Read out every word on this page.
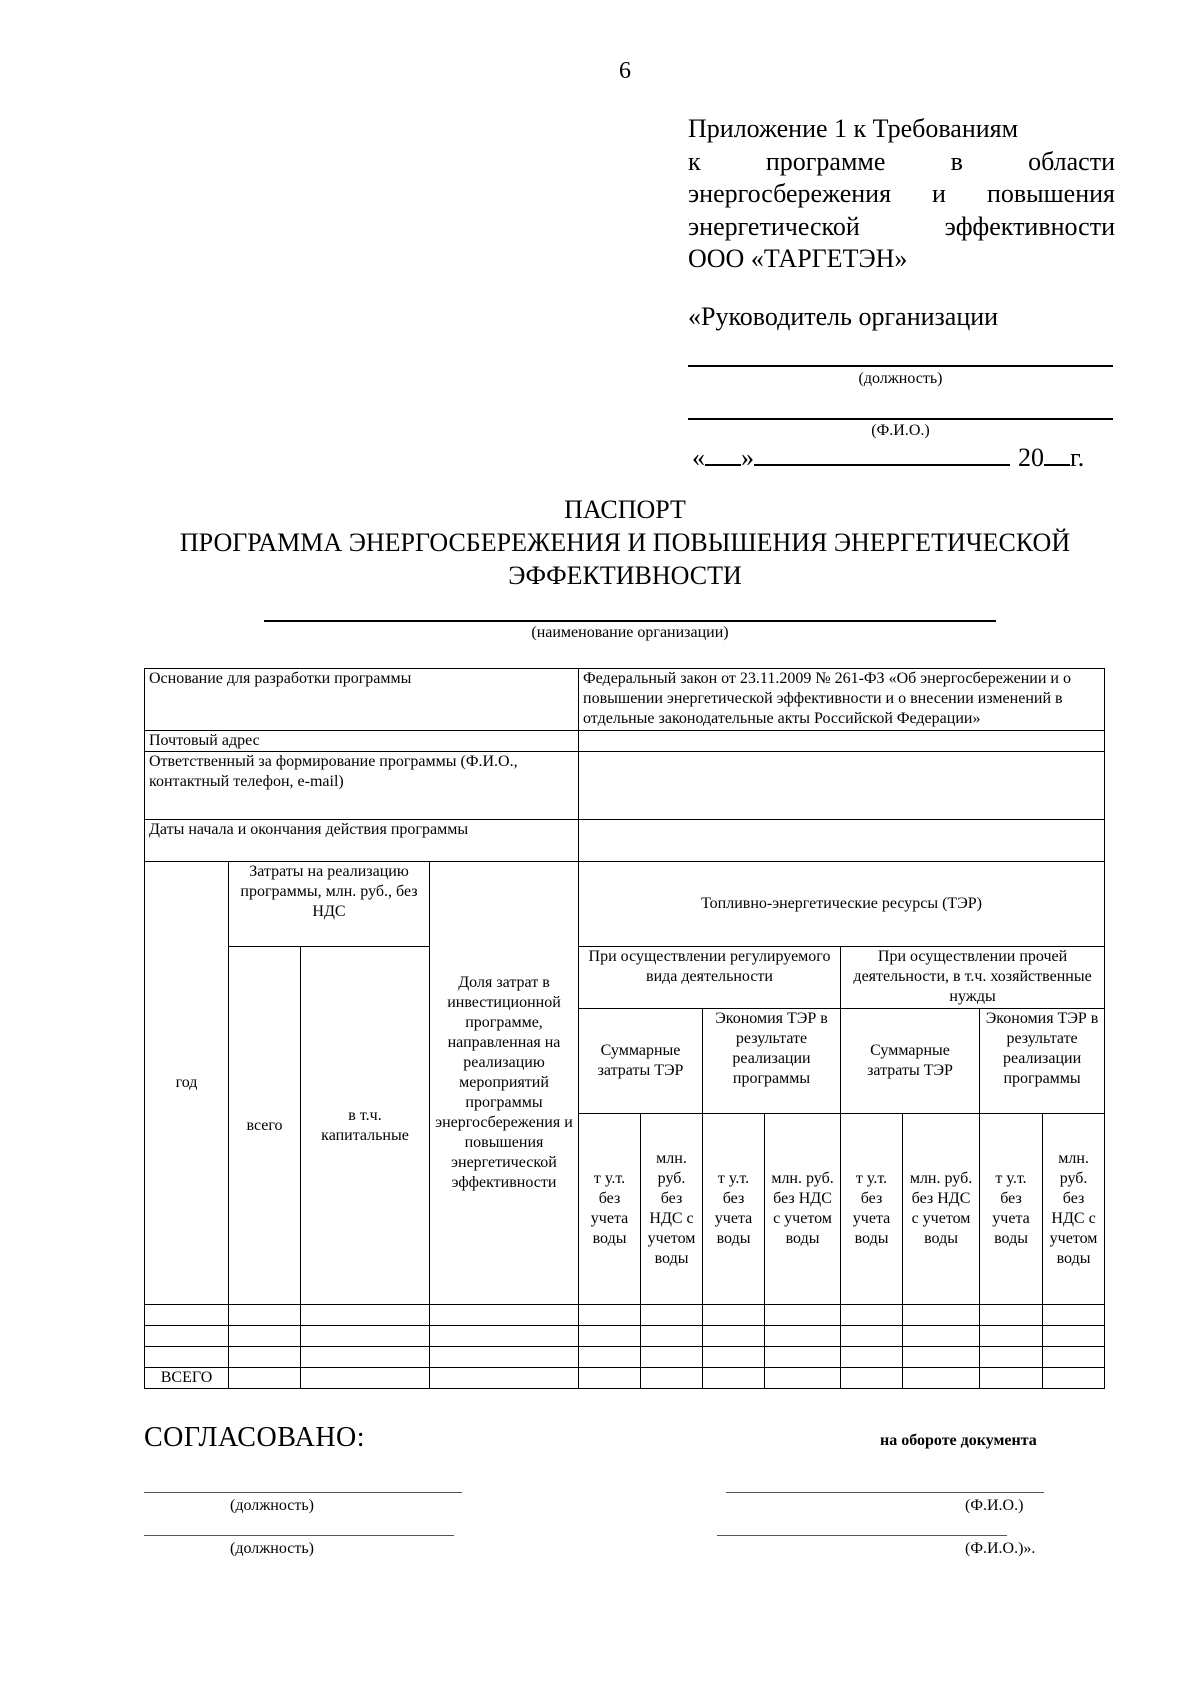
6
Приложение 1 к Требованиям
к программе в области
энергосбережения и повышения
энергетической эффективности
ООО «ТАРГЕТЭН»
«Руководитель организации
(должность)
(Ф.И.О.)
« »	20 г.
ПАСПОРТ
ПРОГРАММА ЭНЕРГОСБЕРЕЖЕНИЯ И ПОВЫШЕНИЯ ЭНЕРГЕТИЧЕСКОЙ
ЭФФЕКТИВНОСТИ
(наименование организации)
Основание для разработки программы				Федеральный закон от 23.11.2009 № 261-ФЗ «Об энергосбережении и о повышении энергетической эффективности и о внесении изменений в отдельные законодательные акты Российской Федерации»							
Почтовый адрес											
Ответственный за формирование программы (Ф.И.О., контактный телефон, e-mail)											
Даты начала и окончания действия программы											
год	Затраты на реализацию программы, млн. руб., без НДС		Доля затрат в инвестиционной программе, направленная на реализацию мероприятий программы энергосбережения и повышения энергетической эффективности	Топливно-энергетические ресурсы (ТЭР)							
	всего	в т.ч. капитальные		При осуществлении регулируемого вида деятельности				При осуществлении прочей деятельности, в т.ч. хозяйственные нужды			
				Суммарные затраты ТЭР		Экономия ТЭР в результате реализации программы		Суммарные затраты ТЭР		Экономия ТЭР в результате реализации программы	
				т у.т. без учета воды	млн. руб. без НДС с учетом воды	т у.т. без учета воды	млн. руб. без НДС с учетом воды	т у.т. без учета воды	млн. руб. без НДС с учетом воды	т у.т. без учета воды	млн. руб. без НДС с учетом воды

ВСЕГО											
СОГЛАСОВАНО:	на обороте документа
(должность)	(Ф.И.О.)
(должность)	(Ф.И.О.)».
